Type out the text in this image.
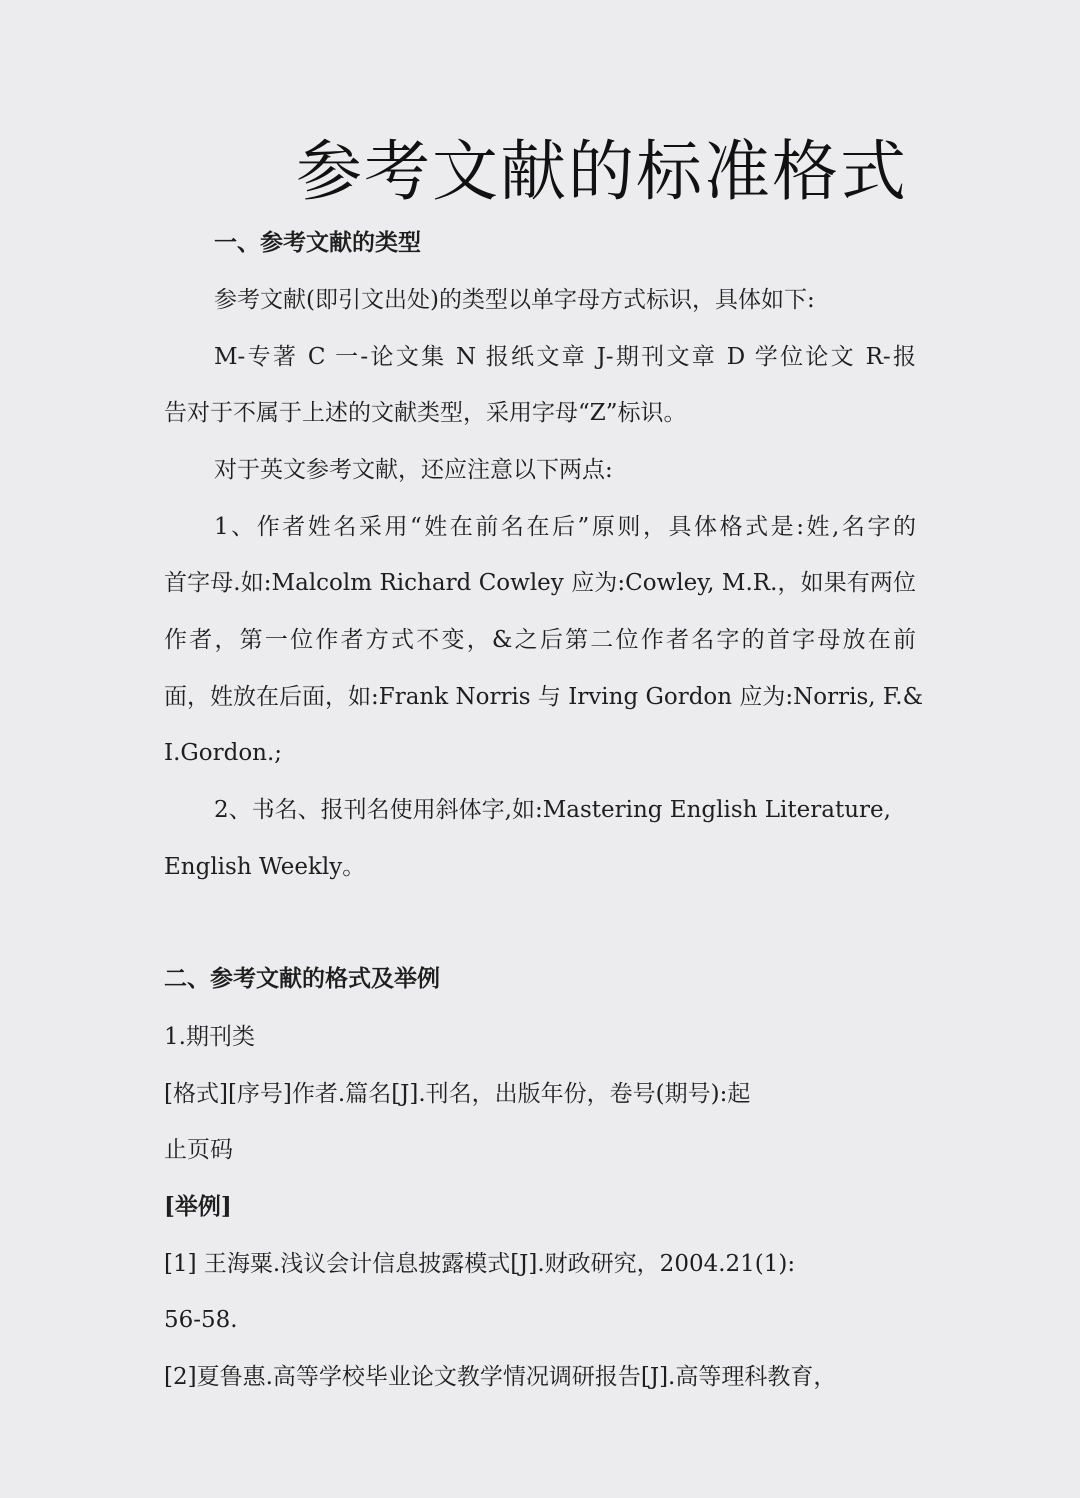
参考文献的标准格式
一、参考文献的类型
参考文献(即引文出处)的类型以单字母方式标识，具体如下:
M-专著 C 一-论文集 N 报纸文章 J-期刊文章 D 学位论文 R-报
告对于不属于上述的文献类型，采用字母“Z”标识。
对于英文参考文献，还应注意以下两点:
1、作者姓名采用“姓在前名在后”原则，具体格式是:姓,名字的
首字母.如:Malcolm Richard Cowley 应为:Cowley, M.R.，如果有两位
作者，第一位作者方式不变，&之后第二位作者名字的首字母放在前
面，姓放在后面，如:Frank Norris 与 Irving Gordon 应为:Norris, F.&
I.Gordon.;
2、书名、报刊名使用斜体字,如:Mastering English Literature,
English Weekly。
二、参考文献的格式及举例
1.期刊类
[格式][序号]作者.篇名[J].刊名，出版年份，卷号(期号):起
止页码
[举例]
[1] 王海粟.浅议会计信息披露模式[J].财政研究，2004.21(1):
56-58.
[2]夏鲁惠.高等学校毕业论文教学情况调研报告[J].高等理科教育，
